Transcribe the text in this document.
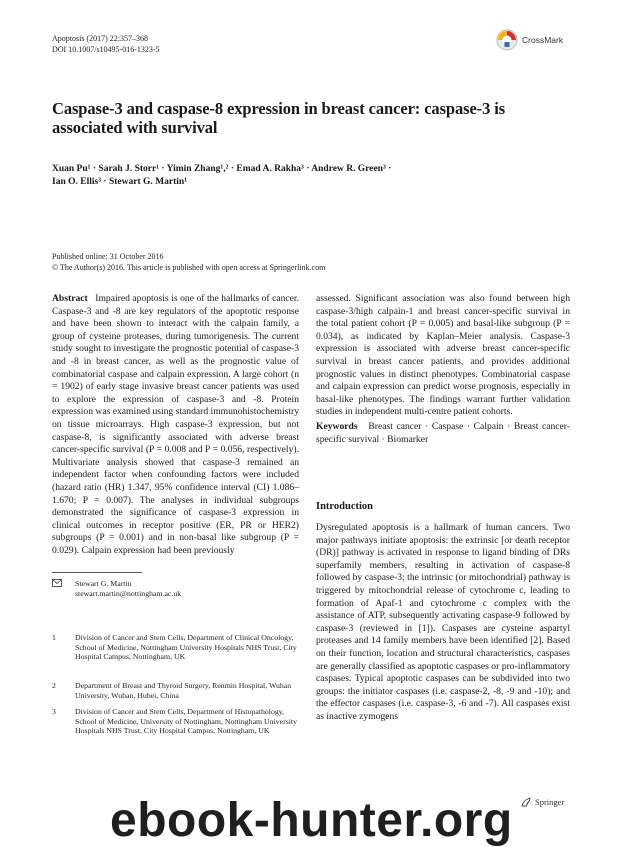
Apoptosis (2017) 22:357–368
DOI 10.1007/s10495-016-1323-5
CrossMark
Caspase-3 and caspase-8 expression in breast cancer: caspase-3 is associated with survival
Xuan Pu¹ · Sarah J. Storr¹ · Yimin Zhang¹,² · Emad A. Rakha³ · Andrew R. Green³ ·
Ian O. Ellis³ · Stewart G. Martin¹
Published online: 31 October 2016
© The Author(s) 2016. This article is published with open access at Springerlink.com
Abstract Impaired apoptosis is one of the hallmarks of cancer. Caspase-3 and -8 are key regulators of the apoptotic response and have been shown to interact with the calpain family, a group of cysteine proteases, during tumorigenesis. The current study sought to investigate the prognostic potential of caspase-3 and -8 in breast cancer, as well as the prognostic value of combinatorial caspase and calpain expression. A large cohort (n = 1902) of early stage invasive breast cancer patients was used to explore the expression of caspase-3 and -8. Protein expression was examined using standard immunohistochemistry on tissue microarrays. High caspase-3 expression, but not caspase-8, is significantly associated with adverse breast cancer-specific survival (P = 0.008 and P = 0.056, respectively). Multivariate analysis showed that caspase-3 remained an independent factor when confounding factors were included (hazard ratio (HR) 1.347, 95% confidence interval (CI) 1.086–1.670; P = 0.007). The analyses in individual subgroups demonstrated the significance of caspase-3 expression in clinical outcomes in receptor positive (ER, PR or HER2) subgroups (P = 0.001) and in non-basal like subgroup (P = 0.029). Calpain expression had been previously
assessed. Significant association was also found between high caspase-3/high calpain-1 and breast cancer-specific survival in the total patient cohort (P = 0.005) and basal-like subgroup (P = 0.034), as indicated by Kaplan–Meier analysis. Caspase-3 expression is associated with adverse breast cancer-specific survival in breast cancer patients, and provides additional prognostic values in distinct phenotypes. Combinatorial caspase and calpain expression can predict worse prognosis, especially in basal-like phenotypes. The findings warrant further validation studies in independent multi-centre patient cohorts.
Keywords Breast cancer · Caspase · Calpain · Breast cancer-specific survival · Biomarker
Introduction
Dysregulated apoptosis is a hallmark of human cancers. Two major pathways initiate apoptosis: the extrinsic [or death receptor (DR)] pathway is activated in response to ligand binding of DRs superfamily members, resulting in activation of caspase-8 followed by caspase-3; the intrinsic (or mitochondrial) pathway is triggered by mitochondrial release of cytochrome c, leading to formation of Apaf-1 and cytochrome c complex with the assistance of ATP, subsequently activating caspase-9 followed by caspase-3 (reviewed in [1]). Caspases are cysteine aspartyl proteases and 14 family members have been identified [2]. Based on their function, location and structural characteristics, caspases are generally classified as apoptotic caspases or pro-inflammatory caspases. Typical apoptotic caspases can be subdivided into two groups: the initiator caspases (i.e. caspase-2, -8, -9 and -10); and the effector caspases (i.e. caspase-3, -6 and -7). All caspases exist as inactive zymogens
Stewart G. Martin
stewart.martin@nottingham.ac.uk
1 Division of Cancer and Stem Cells, Department of Clinical Oncology, School of Medicine, Nottingham University Hospitals NHS Trust, City Hospital Campus, Nottingham, UK
2 Department of Breast and Thyroid Surgery, Renmin Hospital, Wuhan University, Wuhan, Hubei, China
3 Division of Cancer and Stem Cells, Department of Histopathology, School of Medicine, University of Nottingham, Nottingham University Hospitals NHS Trust, City Hospital Campus, Nottingham, UK
ebook-hunter.org	Springer
